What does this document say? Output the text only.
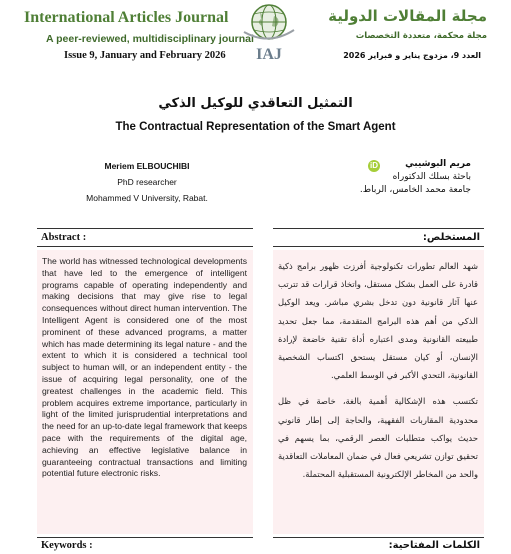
International Articles Journal
A peer-reviewed, multidisciplinary journal
Issue 9, January and February 2026 IAJ
مجلة المقالات الدولية
مجلة محكمة، متعددة التخصصات
العدد 9، مزدوج يناير و فبراير 2026
التمثيل التعاقدي للوكيل الذكي
The Contractual Representation of the Smart Agent
Meriem ELBOUCHIBI
PhD researcher
Mohammed V University, Rabat.
iD	مريم البوشيبي
باحثة بسلك الدكتوراه
جامعة محمد الخامس، الرباط.
Abstract :	المستخلص:
The world has witnessed technological developments that have led to the emergence of intelligent programs capable of operating independently and making decisions that may give rise to legal consequences without direct human intervention. The Intelligent Agent is considered one of the most prominent of these advanced programs, a matter which has made determining its legal nature - and the extent to which it is considered a technical tool subject to human will, or an independent entity - the issue of acquiring legal personality, one of the greatest challenges in the academic field. This problem acquires extreme importance, particularly in light of the limited jurisprudential interpretations and the need for an up-to-date legal framework that keeps pace with the requirements of the digital age, achieving an effective legislative balance in guaranteeing contractual transactions and limiting potential future electronic risks.
شهد العالم تطورات تكنولوجية أفرزت ظهور برامج ذكية قادرة على العمل بشكل مستقل، واتخاذ قرارات قد تترتب عنها آثار قانونية دون تدخل بشري مباشر. ويعد الوكيل الذكي من أهم هذه البرامج المتقدمة، مما جعل تحديد طبيعته القانونية ومدى اعتباره أداة تقنية خاضعة لإرادة الإنسان، أو كيان مستقل يستحق اكتساب الشخصية القانونية، التحدي الأكبر في الوسط العلمي.
تكتسب هذه الإشكالية أهمية بالغة، خاصة في ظل محدودية المقاربات الفقهية، والحاجة إلى إطار قانوني حديث يواكب متطلبات العصر الرقمي، بما يسهم في تحقيق توازن تشريعي فعال في ضمان المعاملات التعاقدية والحد من المخاطر الإلكترونية المستقبلية المحتملة.
Keywords :	الكلمات المفتاحية:
